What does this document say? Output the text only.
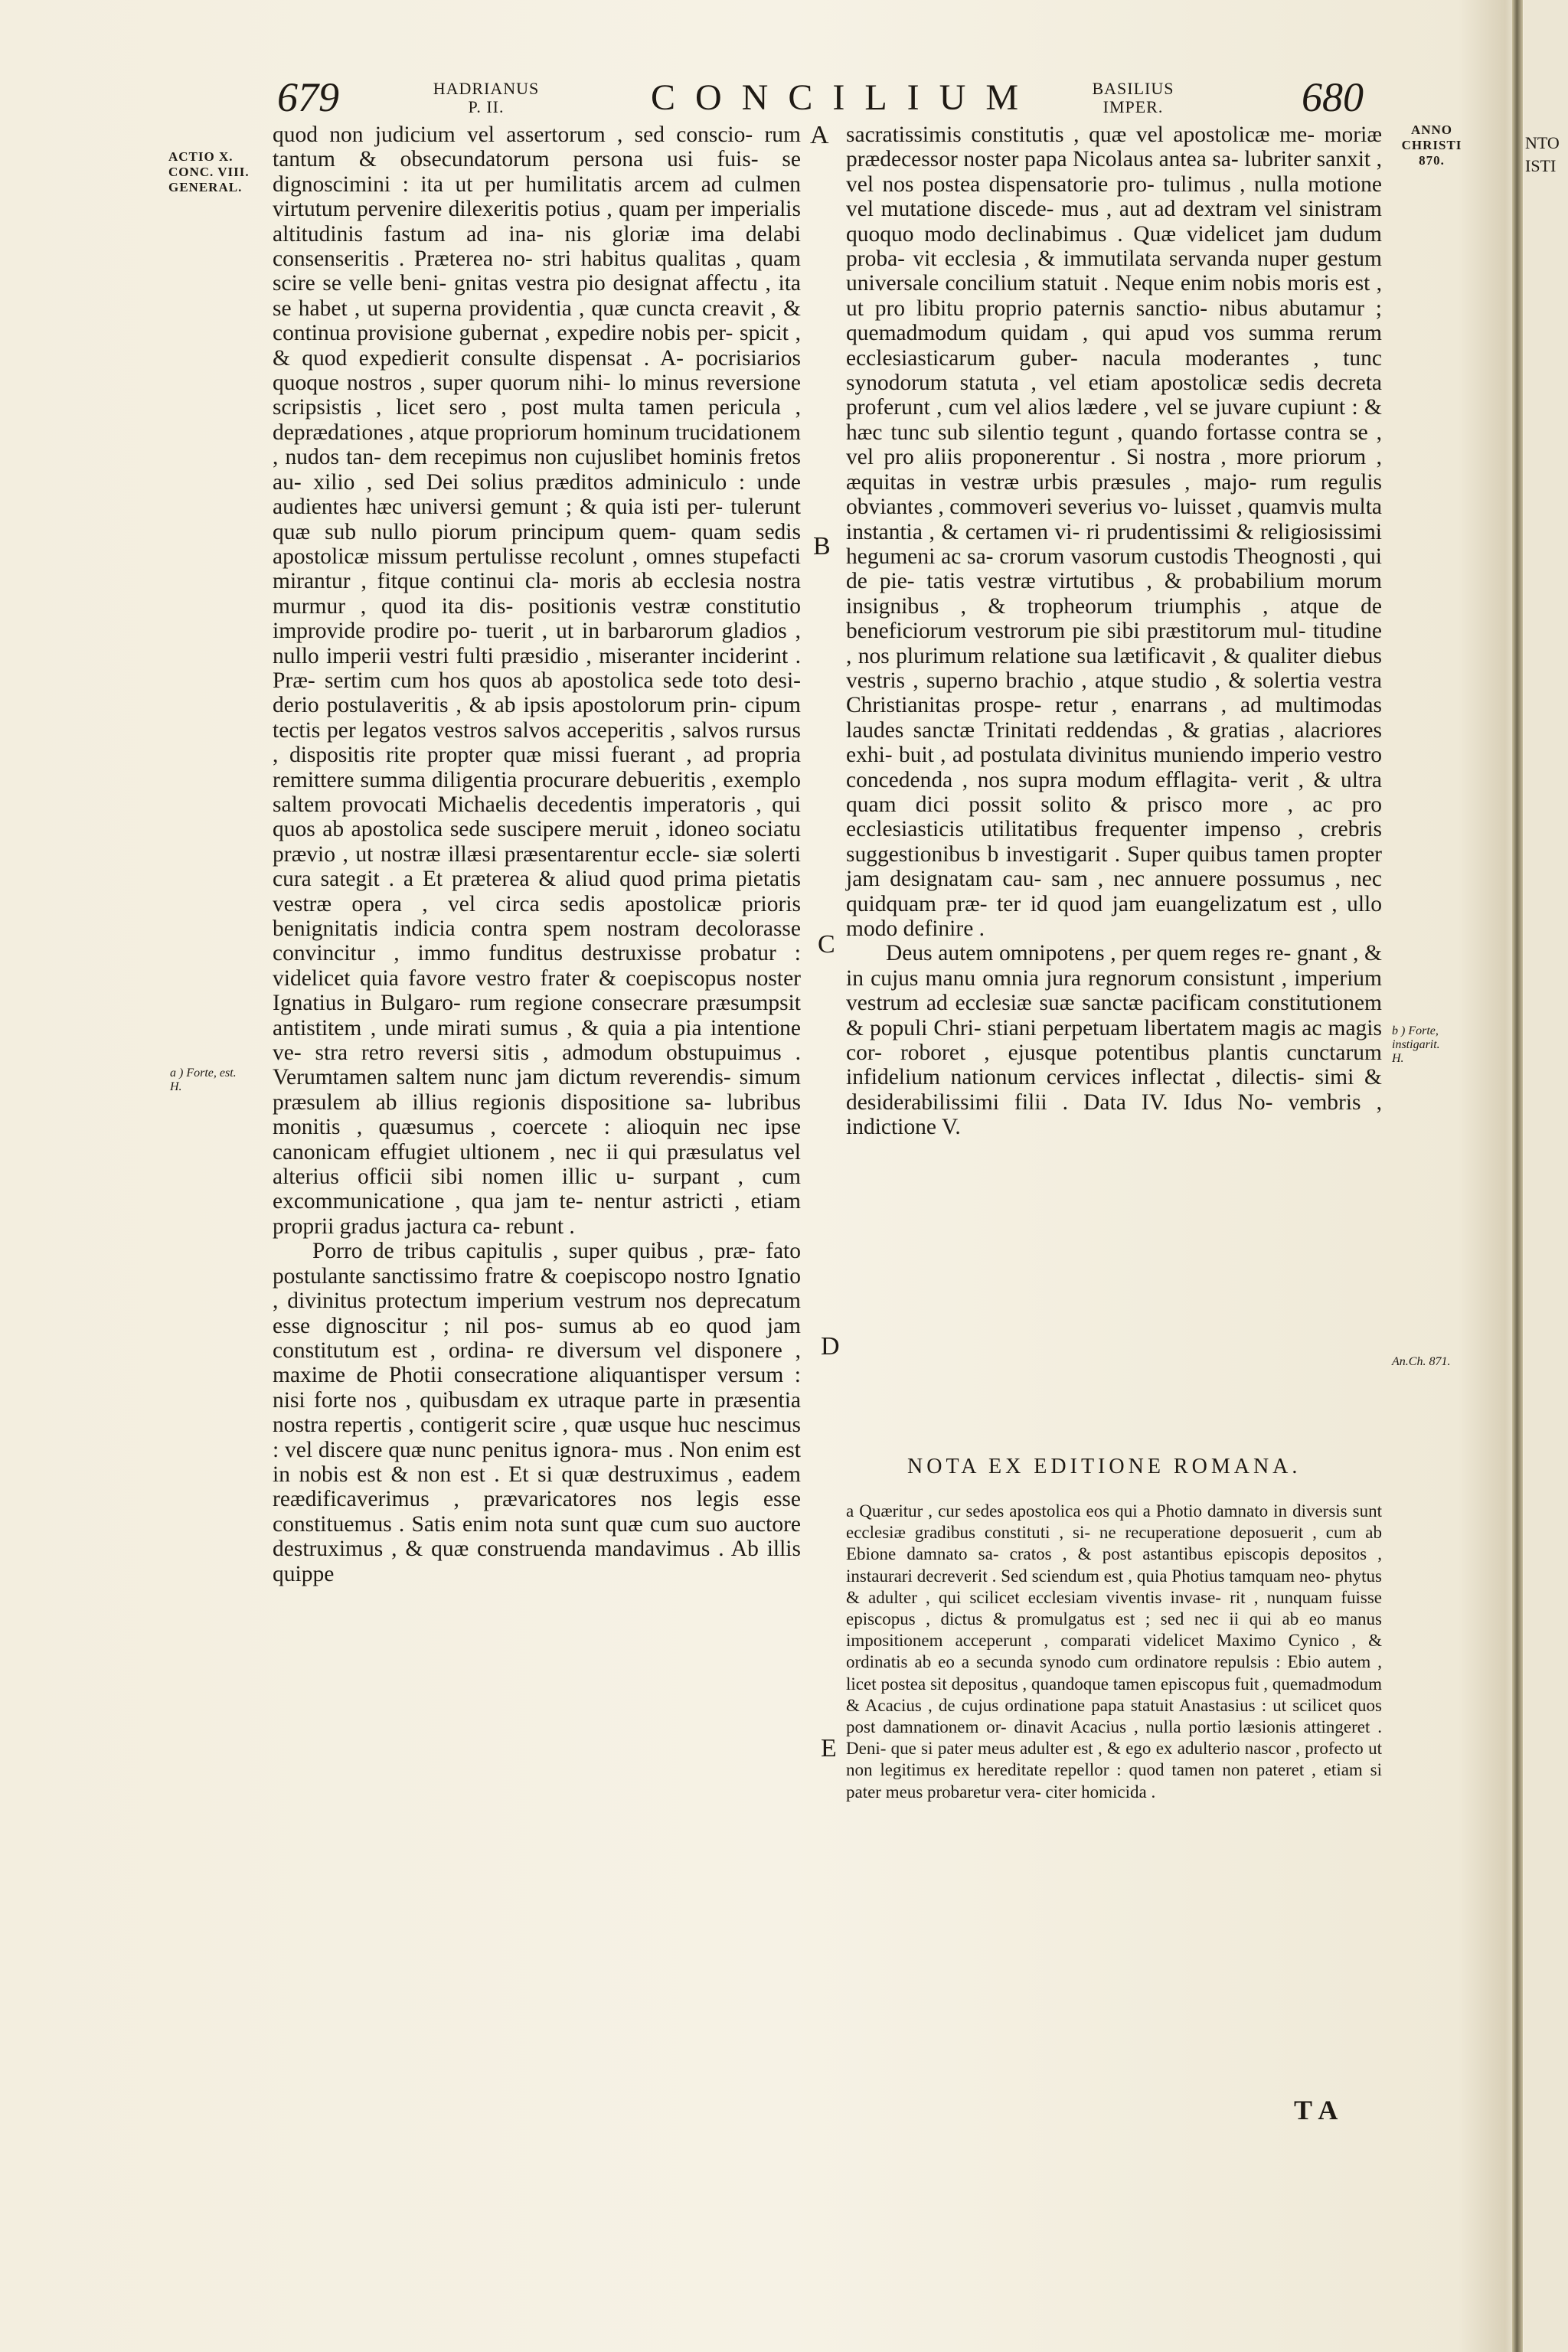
NTO
ISTI
679	HADRIANUS
P. II.	CONCILIUM	BASILIUS
IMPER.	680
ACTIO X.
CONC. VIII.
GENERAL.
a ) Forte, est.
H.
ANNO
CHRISTI
870.
b ) Forte,
instigarit.
H.
An.Ch. 871.
A
B
C
D
E

quod non judicium vel assertorum , sed conscio- rum tantum & obsecundatorum persona usi fuis- se dignoscimini : ita ut per humilitatis arcem ad culmen virtutum pervenire dilexeritis potius , quam per imperialis altitudinis fastum ad ina- nis gloriæ ima delabi consenseritis . Præterea no- stri habitus qualitas , quam scire se velle beni- gnitas vestra pio designat affectu , ita se habet , ut superna providentia , quæ cuncta creavit , & continua provisione gubernat , expedire nobis per- spicit , & quod expedierit consulte dispensat . A- pocrisiarios quoque nostros , super quorum nihi- lo minus reversione scripsistis , licet sero , post multa tamen pericula , deprædationes , atque propriorum hominum trucidationem , nudos tan- dem recepimus non cujuslibet hominis fretos au- xilio , sed Dei solius præditos adminiculo : unde audientes hæc universi gemunt ; & quia isti per- tulerunt quæ sub nullo piorum principum quem- quam sedis apostolicæ missum pertulisse recolunt , omnes stupefacti mirantur , fitque continui cla- moris ab ecclesia nostra murmur , quod ita dis- positionis vestræ constitutio improvide prodire po- tuerit , ut in barbarorum gladios , nullo imperii vestri fulti præsidio , miseranter inciderint . Præ- sertim cum hos quos ab apostolica sede toto desi- derio postulaveritis , & ab ipsis apostolorum prin- cipum tectis per legatos vestros salvos acceperitis , salvos rursus , dispositis rite propter quæ missi fuerant , ad propria remittere summa diligentia procurare debueritis , exemplo saltem provocati Michaelis decedentis imperatoris , qui quos ab apostolica sede suscipere meruit , idoneo sociatu prævio , ut nostræ illæsi præsentarentur eccle- siæ solerti cura sategit . a Et præterea & aliud quod prima pietatis vestræ opera , vel circa sedis apostolicæ prioris benignitatis indicia contra spem nostram decolorasse convincitur , immo funditus destruxisse probatur : videlicet quia favore vestro frater & coepiscopus noster Ignatius in Bulgaro- rum regione consecrare præsumpsit antistitem , unde mirati sumus , & quia a pia intentione ve- stra retro reversi sitis , admodum obstupuimus . Verumtamen saltem nunc jam dictum reverendis- simum præsulem ab illius regionis dispositione sa- lubribus monitis , quæsumus , coercete : alioquin nec ipse canonicam effugiet ultionem , nec ii qui præsulatus vel alterius officii sibi nomen illic u- surpant , cum excommunicatione , qua jam te- nentur astricti , etiam proprii gradus jactura ca- rebunt .

Porro de tribus capitulis , super quibus , præ- fato postulante sanctissimo fratre & coepiscopo nostro Ignatio , divinitus protectum imperium vestrum nos deprecatum esse dignoscitur ; nil pos- sumus ab eo quod jam constitutum est , ordina- re diversum vel disponere , maxime de Photii consecratione aliquantisper versum : nisi forte nos , quibusdam ex utraque parte in præsentia nostra repertis , contigerit scire , quæ usque huc nescimus : vel discere quæ nunc penitus ignora- mus . Non enim est in nobis est & non est . Et si quæ destruximus , eadem reædificaverimus , prævaricatores nos legis esse constituemus . Satis enim nota sunt quæ cum suo auctore destruximus , & quæ construenda mandavimus . Ab illis quippe

sacratissimis constitutis , quæ vel apostolicæ me- moriæ prædecessor noster papa Nicolaus antea sa- lubriter sanxit , vel nos postea dispensatorie pro- tulimus , nulla motione vel mutatione discede- mus , aut ad dextram vel sinistram quoquo modo declinabimus . Quæ videlicet jam dudum proba- vit ecclesia , & immutilata servanda nuper gestum universale concilium statuit . Neque enim nobis moris est , ut pro libitu proprio paternis sanctio- nibus abutamur ; quemadmodum quidam , qui apud vos summa rerum ecclesiasticarum guber- nacula moderantes , tunc synodorum statuta , vel etiam apostolicæ sedis decreta proferunt , cum vel alios lædere , vel se juvare cupiunt : & hæc tunc sub silentio tegunt , quando fortasse contra se , vel pro aliis proponerentur . Si nostra , more priorum , æquitas in vestræ urbis præsules , majo- rum regulis obviantes , commoveri severius vo- luisset , quamvis multa instantia , & certamen vi- ri prudentissimi & religiosissimi hegumeni ac sa- crorum vasorum custodis Theognosti , qui de pie- tatis vestræ virtutibus , & probabilium morum insignibus , & tropheorum triumphis , atque de beneficiorum vestrorum pie sibi præstitorum mul- titudine , nos plurimum relatione sua lætificavit , & qualiter diebus vestris , superno brachio , atque studio , & solertia vestra Christianitas prospe- retur , enarrans , ad multimodas laudes sanctæ Trinitati reddendas , & gratias , alacriores exhi- buit , ad postulata divinitus muniendo imperio vestro concedenda , nos supra modum efflagita- verit , & ultra quam dici possit solito & prisco more , ac pro ecclesiasticis utilitatibus frequenter impenso , crebris suggestionibus b investigarit . Super quibus tamen propter jam designatam cau- sam , nec annuere possumus , nec quidquam præ- ter id quod jam euangelizatum est , ullo modo definire .

Deus autem omnipotens , per quem reges re- gnant , & in cujus manu omnia jura regnorum consistunt , imperium vestrum ad ecclesiæ suæ sanctæ pacificam constitutionem & populi Chri- stiani perpetuam libertatem magis ac magis cor- roboret , ejusque potentibus plantis cunctarum infidelium nationum cervices inflectat , dilectis- simi & desiderabilissimi filii . Data IV. Idus No- vembris , indictione V.

NOTA EX EDITIONE ROMANA.
a Quæritur , cur sedes apostolica eos qui a Photio damnato in diversis sunt ecclesiæ gradibus constituti , si- ne recuperatione deposuerit , cum ab Ebione damnato sa- cratos , & post astantibus episcopis depositos , instaurari decreverit . Sed sciendum est , quia Photius tamquam neo- phytus & adulter , qui scilicet ecclesiam viventis invase- rit , nunquam fuisse episcopus , dictus & promulgatus est ; sed nec ii qui ab eo manus impositionem acceperunt , comparati videlicet Maximo Cynico , & ordinatis ab eo a secunda synodo cum ordinatore repulsis : Ebio autem , licet postea sit depositus , quandoque tamen episcopus fuit , quemadmodum & Acacius , de cujus ordinatione papa statuit Anastasius : ut scilicet quos post damnationem or- dinavit Acacius , nulla portio læsionis attingeret . Deni- que si pater meus adulter est , & ego ex adulterio nascor , profecto ut non legitimus ex hereditate repellor : quod tamen non pateret , etiam si pater meus probaretur vera- citer homicida .
TA
